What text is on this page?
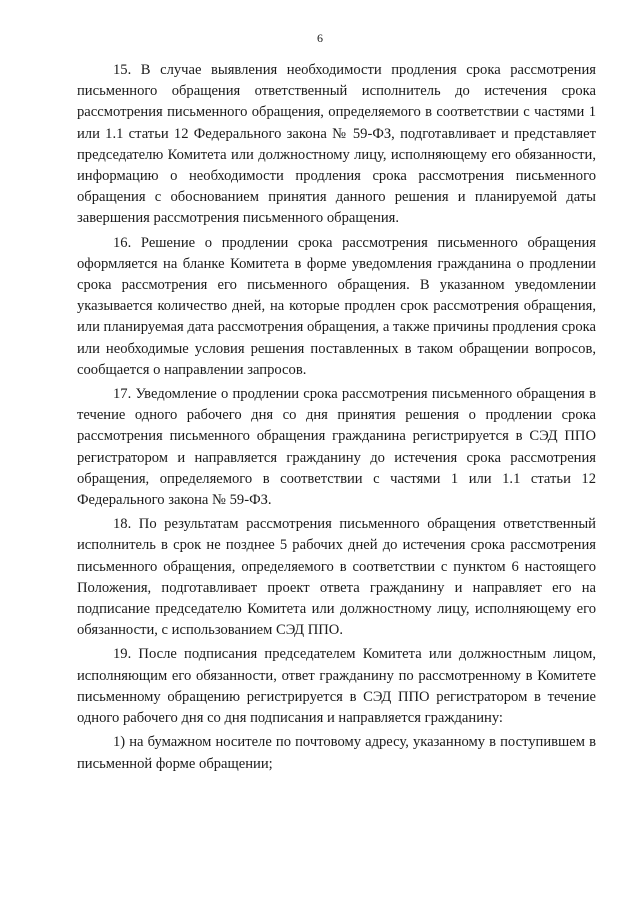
6

15. В случае выявления необходимости продления срока рассмотрения письменного обращения ответственный исполнитель до истечения срока рассмотрения письменного обращения, определяемого в соответствии с частями 1 или 1.1 статьи 12 Федерального закона № 59-ФЗ, подготавливает и представляет председателю Комитета или должностному лицу, исполняющему его обязанности, информацию о необходимости продления срока рассмотрения письменного обращения с обоснованием принятия данного решения и планируемой даты завершения рассмотрения письменного обращения.

16. Решение о продлении срока рассмотрения письменного обращения оформляется на бланке Комитета в форме уведомления гражданина о продлении срока рассмотрения его письменного обращения. В указанном уведомлении указывается количество дней, на которые продлен срок рассмотрения обращения, или планируемая дата рассмотрения обращения, а также причины продления срока или необходимые условия решения поставленных в таком обращении вопросов, сообщается о направлении запросов.

17. Уведомление о продлении срока рассмотрения письменного обращения в течение одного рабочего дня со дня принятия решения о продлении срока рассмотрения письменного обращения гражданина регистрируется в СЭД ППО регистратором и направляется гражданину до истечения срока рассмотрения обращения, определяемого в соответствии с частями 1 или 1.1 статьи 12 Федерального закона № 59-ФЗ.

18. По результатам рассмотрения письменного обращения ответственный исполнитель в срок не позднее 5 рабочих дней до истечения срока рассмотрения письменного обращения, определяемого в соответствии с пунктом 6 настоящего Положения, подготавливает проект ответа гражданину и направляет его на подписание председателю Комитета или должностному лицу, исполняющему его обязанности, с использованием СЭД ППО.

19. После подписания председателем Комитета или должностным лицом, исполняющим его обязанности, ответ гражданину по рассмотренному в Комитете письменному обращению регистрируется в СЭД ППО регистратором в течение одного рабочего дня со дня подписания и направляется гражданину:

1) на бумажном носителе по почтовому адресу, указанному в поступившем в письменной форме обращении;
